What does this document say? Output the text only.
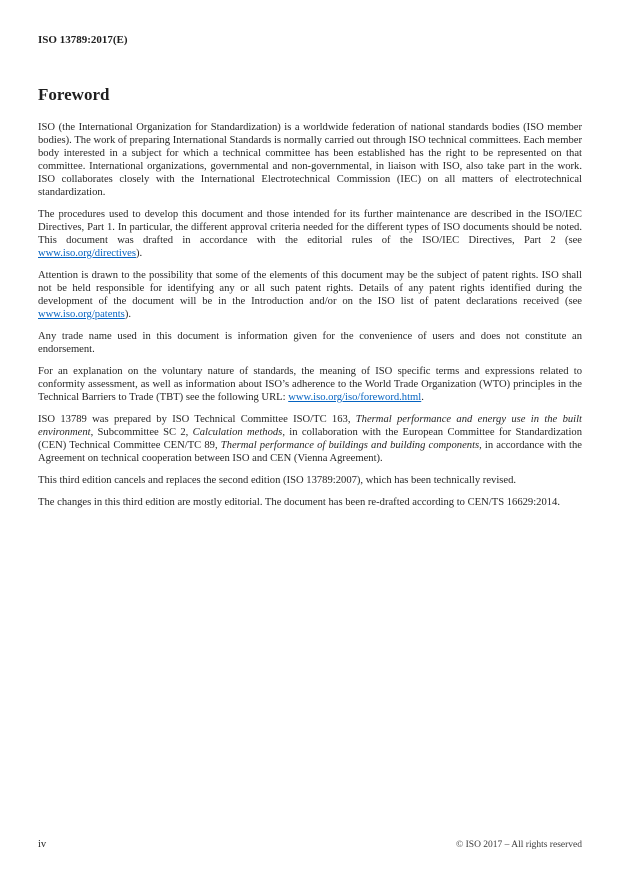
ISO 13789:2017(E)
Foreword

ISO (the International Organization for Standardization) is a worldwide federation of national standards bodies (ISO member bodies). The work of preparing International Standards is normally carried out through ISO technical committees. Each member body interested in a subject for which a technical committee has been established has the right to be represented on that committee. International organizations, governmental and non-governmental, in liaison with ISO, also take part in the work. ISO collaborates closely with the International Electrotechnical Commission (IEC) on all matters of electrotechnical standardization.

The procedures used to develop this document and those intended for its further maintenance are described in the ISO/IEC Directives, Part 1. In particular, the different approval criteria needed for the different types of ISO documents should be noted. This document was drafted in accordance with the editorial rules of the ISO/IEC Directives, Part 2 (see www.iso.org/directives).

Attention is drawn to the possibility that some of the elements of this document may be the subject of patent rights. ISO shall not be held responsible for identifying any or all such patent rights. Details of any patent rights identified during the development of the document will be in the Introduction and/or on the ISO list of patent declarations received (see www.iso.org/patents).

Any trade name used in this document is information given for the convenience of users and does not constitute an endorsement.

For an explanation on the voluntary nature of standards, the meaning of ISO specific terms and expressions related to conformity assessment, as well as information about ISO’s adherence to the World Trade Organization (WTO) principles in the Technical Barriers to Trade (TBT) see the following URL: www.iso.org/iso/foreword.html.

ISO 13789 was prepared by ISO Technical Committee ISO/TC 163, Thermal performance and energy use in the built environment, Subcommittee SC 2, Calculation methods, in collaboration with the European Committee for Standardization (CEN) Technical Committee CEN/TC 89, Thermal performance of buildings and building components, in accordance with the Agreement on technical cooperation between ISO and CEN (Vienna Agreement).

This third edition cancels and replaces the second edition (ISO 13789:2007), which has been technically revised.

The changes in this third edition are mostly editorial. The document has been re-drafted according to CEN/TS 16629:2014.

iv	© ISO 2017 – All rights reserved
